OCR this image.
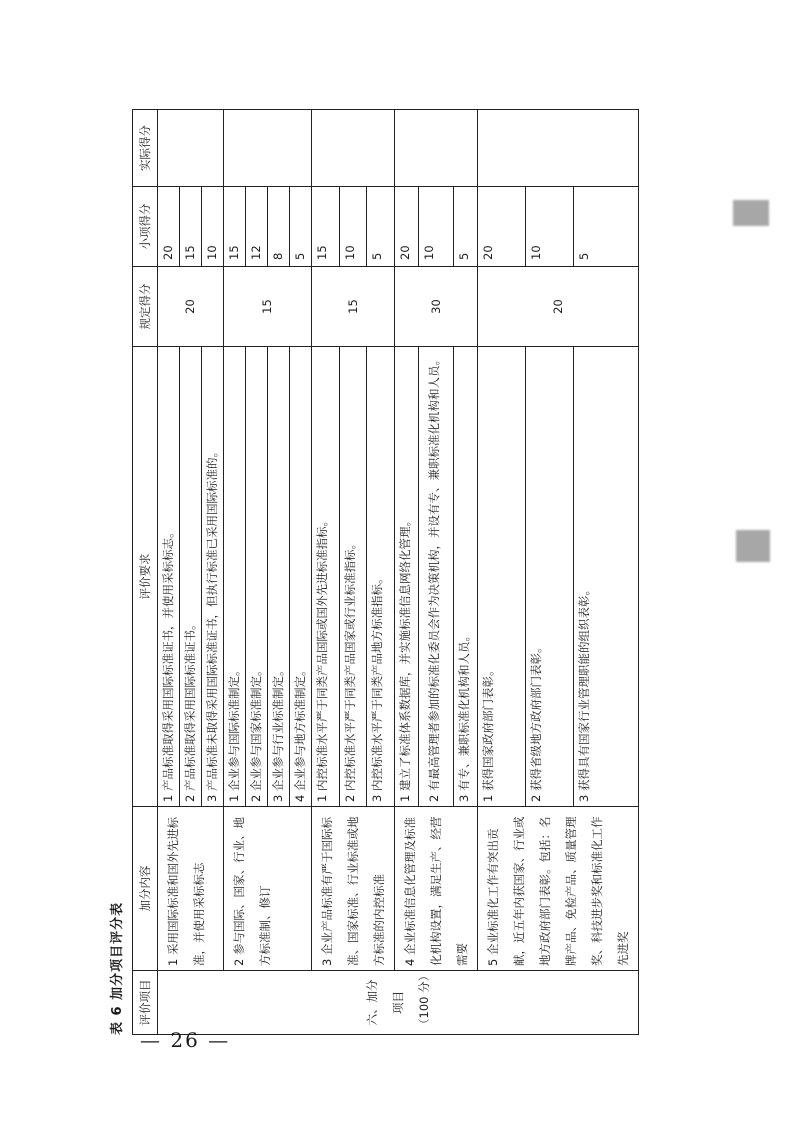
表 6 加分项目评分表 评价项目	加分内容	评价要求	规定得分	小项得分	实际得分
六、加分项目（100 分）	1 采用国际标准和国外先进标准，并使用采标标志	1 产品标准取得采用国际标准证书，并使用采标标志。	20	20	
		2 产品标准取得采用国际标准证书。		15	
		3 产品标准未取得采用国际标准证书，但执行标准已采用国际标准的。		10	
	2 参与国际、国家、行业、地方标准制、修订	1 企业参与国际标准制定。	15	15	
		2 企业参与国家标准制定。		12	
		3 企业参与行业标准制定。		8	
		4 企业参与地方标准制定。		5	
	3 企业产品标准有严于国际标准、国家标准、行业标准或地方标准的内控标准	1 内控标准水平严于同类产品国际或国外先进标准指标。	15	15	
		2 内控标准水平严于同类产品国家或行业标准指标。		10	
		3 内控标准水平严于同类产品地方标准指标。		5	
	4 企业标准信息化管理及标准化机构设置，满足生产、经营需要	1 建立了标准体系数据库，并实施标准信息网络化管理。	30	20	
		2 有最高管理者参加的标准化委员会作为决策机构，并设有专、兼职标准化机构和人员。		10	
		3 有专、兼职标准化机构和人员。		5	
	5 企业标准化工作有突出贡献，近五年内获国家、行业或地方政府部门表彰。包括：名牌产品、免检产品、质量管理奖、科技进步奖和标准化工作先进奖	1 获得国家政府部门表彰。	20	20	
		2 获得省级地方政府部门表彰。		10	
		3 获得具有国家行业管理职能的组织表彰。		5	
— 26 —
